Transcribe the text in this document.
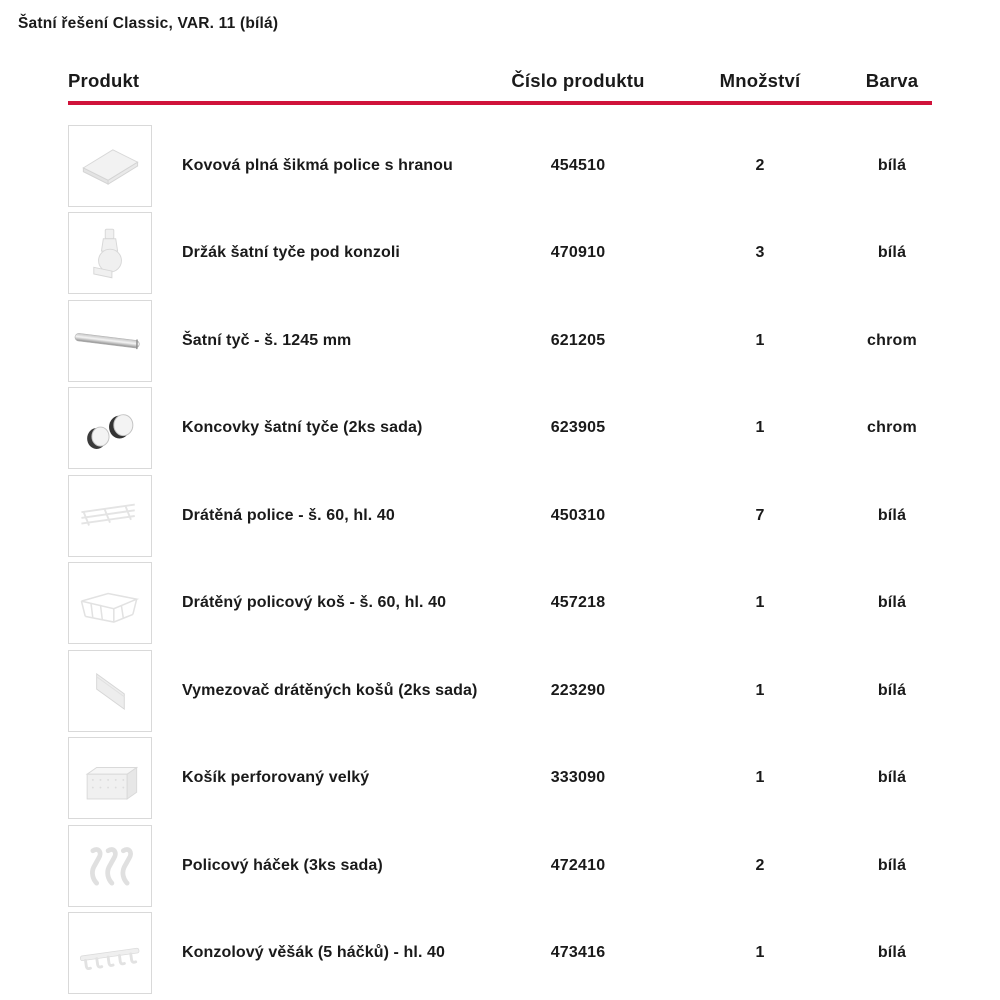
Šatní řešení Classic, VAR. 11 (bílá)
Produkt	Číslo produktu	Množství	Barva
Kovová plná šikmá police s hranou	454510	2	bílá
Držák šatní tyče pod konzoli	470910	3	bílá
Šatní tyč - š. 1245 mm	621205	1	chrom
Koncovky šatní tyče (2ks sada)	623905	1	chrom
Drátěná police - š. 60, hl. 40	450310	7	bílá
Drátěný policový koš - š. 60, hl. 40	457218	1	bílá
Vymezovač drátěných košů (2ks sada)	223290	1	bílá
Košík perforovaný velký	333090	1	bílá
Policový háček (3ks sada)	472410	2	bílá
Konzolový věšák (5 háčků) - hl. 40	473416	1	bílá
